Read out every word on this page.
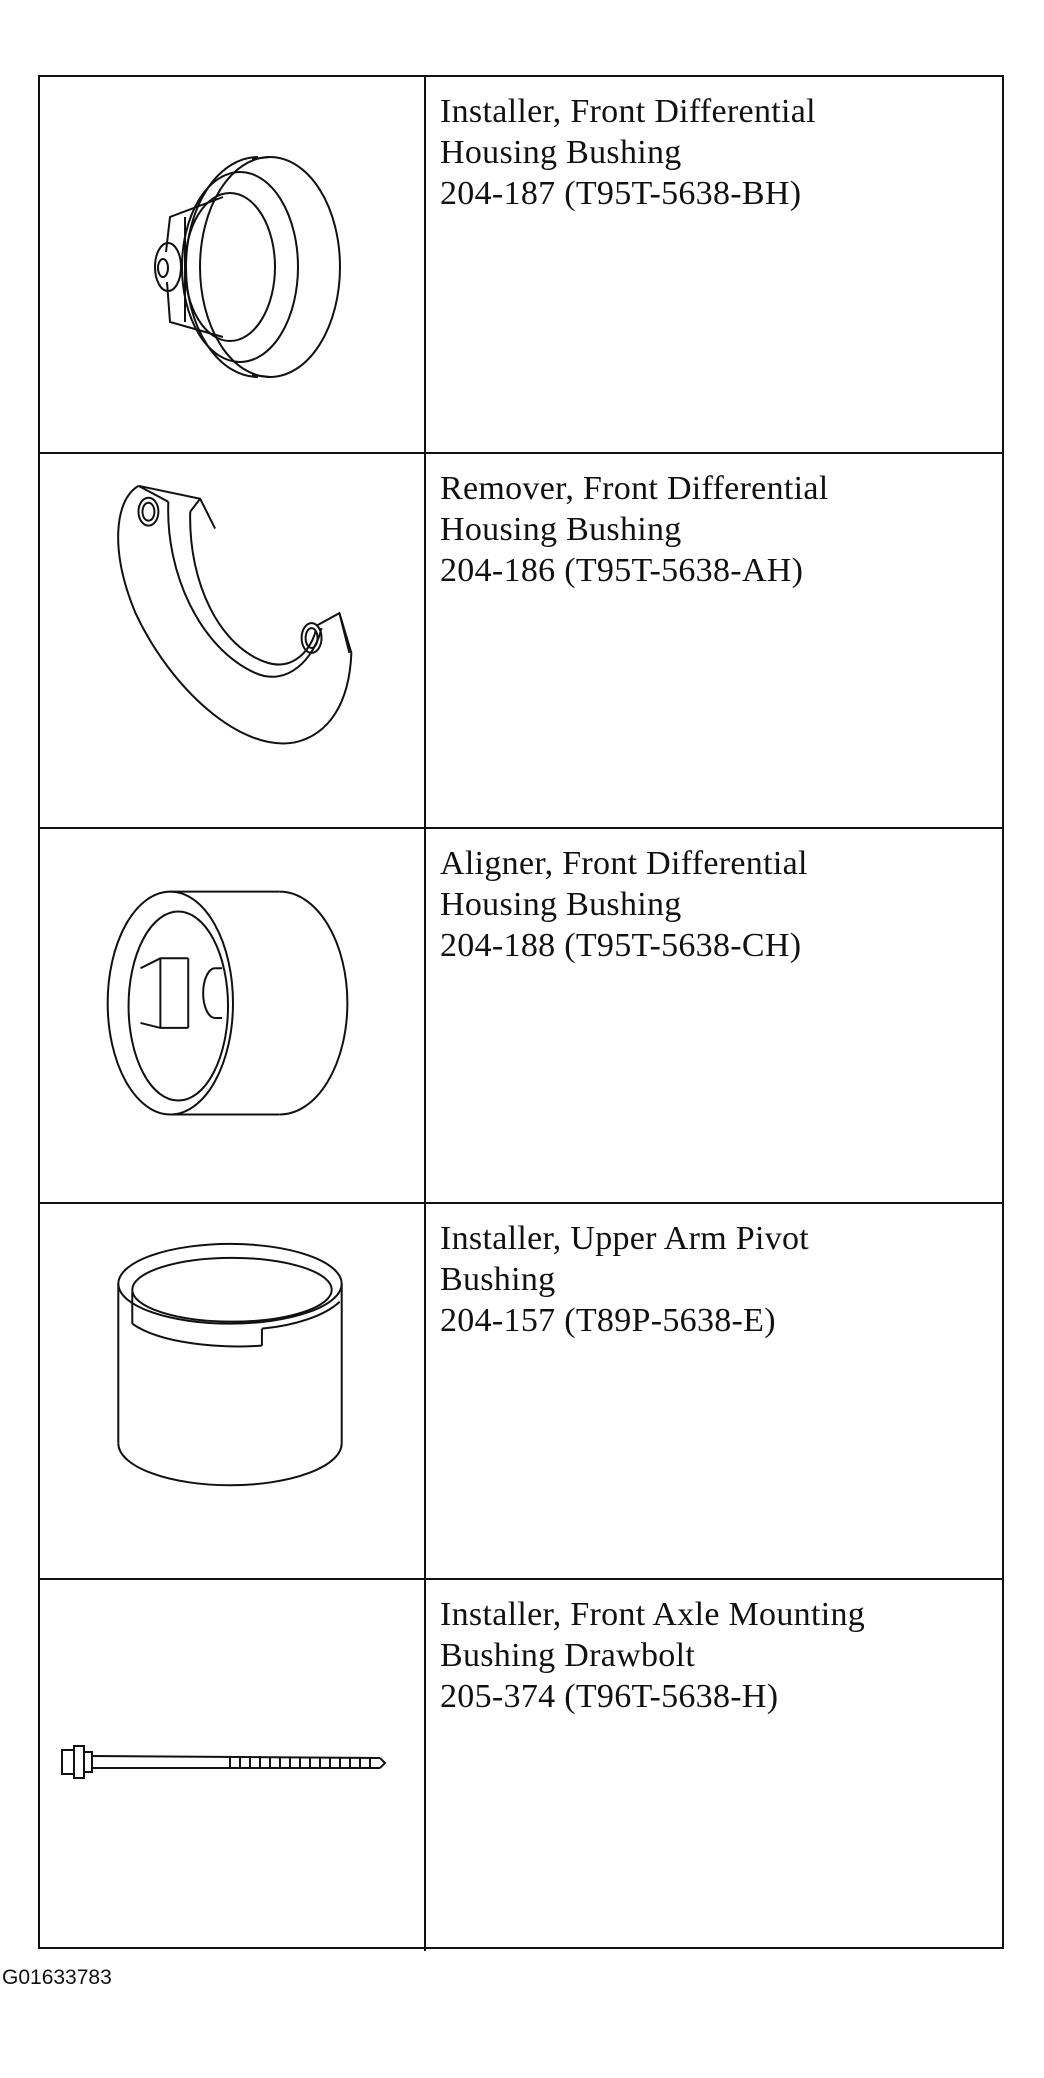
Installer, Front Differential
Housing Bushing
204-187 (T95T-5638-BH)
Remover, Front Differential
Housing Bushing
204-186 (T95T-5638-AH)
Aligner, Front Differential
Housing Bushing
204-188 (T95T-5638-CH)
Installer, Upper Arm Pivot
Bushing
204-157 (T89P-5638-E)
Installer, Front Axle Mounting
Bushing Drawbolt
205-374 (T96T-5638-H)
G01633783
